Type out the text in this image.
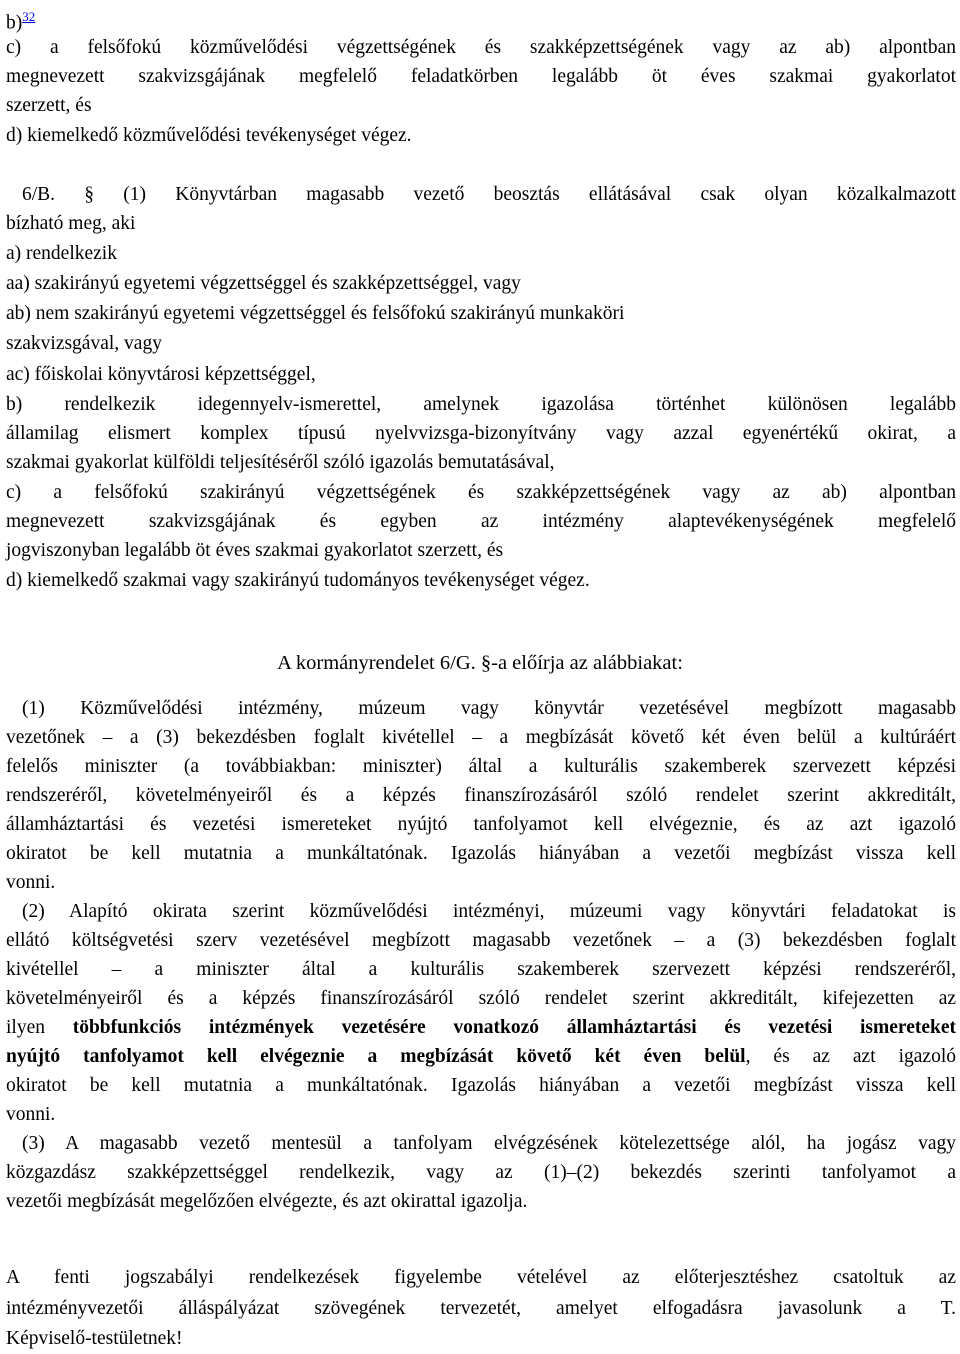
b)$^{32}$
c) a felsőfokú közművelődési végzettségének és szakképzettségének vagy az ab) alpontban
megnevezett szakvizsgájának megfelelő feladatkörben legalább öt éves szakmai gyakorlatot
szerzett, és
d) kiemelkedő közművelődési tevékenységet végez.
6/B. § (1) Könyvtárban magasabb vezető beosztás ellátásával csak olyan közalkalmazott
bízható meg, aki
a) rendelkezik
aa) szakirányú egyetemi végzettséggel és szakképzettséggel, vagy
ab) nem szakirányú egyetemi végzettséggel és felsőfokú szakirányú munkaköri
szakvizsgával, vagy
ac) főiskolai könyvtárosi képzettséggel,
b) rendelkezik idegennyelv-ismerettel, amelynek igazolása történhet különösen legalább
államilag elismert komplex típusú nyelvvizsga-bizonyítvány vagy azzal egyenértékű okirat, a
szakmai gyakorlat külföldi teljesítéséről szóló igazolás bemutatásával,
c) a felsőfokú szakirányú végzettségének és szakképzettségének vagy az ab) alpontban
megnevezett szakvizsgájának és egyben az intézmény alaptevékenységének megfelelő
jogviszonyban legalább öt éves szakmai gyakorlatot szerzett, és
d) kiemelkedő szakmai vagy szakirányú tudományos tevékenységet végez.
A kormányrendelet 6/G. §-a előírja az alábbiakat:
(1) Közművelődési intézmény, múzeum vagy könyvtár vezetésével megbízott magasabb
vezetőnek – a (3) bekezdésben foglalt kivétellel – a megbízását követő két éven belül a kultúráért
felelős miniszter (a továbbiakban: miniszter) által a kulturális szakemberek szervezett képzési
rendszeréről, követelményeiről és a képzés finanszírozásáról szóló rendelet szerint akkreditált,
államháztartási és vezetési ismereteket nyújtó tanfolyamot kell elvégeznie, és az azt igazoló
okiratot be kell mutatnia a munkáltatónak. Igazolás hiányában a vezetői megbízást vissza kell
vonni.
(2) Alapító okirata szerint közművelődési intézményi, múzeumi vagy könyvtári feladatokat is
ellátó költségvetési szerv vezetésével megbízott magasabb vezetőnek – a (3) bekezdésben foglalt
kivétellel – a miniszter által a kulturális szakemberek szervezett képzési rendszeréről,
követelményeiről és a képzés finanszírozásáról szóló rendelet szerint akkreditált, kifejezetten az
ilyen többfunkciós intézmények vezetésére vonatkozó államháztartási és vezetési ismereteket
nyújtó tanfolyamot kell elvégeznie a megbízását követő két éven belül, és az azt igazoló
okiratot be kell mutatnia a munkáltatónak. Igazolás hiányában a vezetői megbízást vissza kell
vonni.
(3) A magasabb vezető mentesül a tanfolyam elvégzésének kötelezettsége alól, ha jogász vagy
közgazdász szakképzettséggel rendelkezik, vagy az (1)–(2) bekezdés szerinti tanfolyamot a
vezetői megbízását megelőzően elvégezte, és azt okirattal igazolja.
A fenti jogszabályi rendelkezések figyelembe vételével az előterjesztéshez csatoltuk az
intézményvezetői álláspályázat szövegének tervezetét, amelyet elfogadásra javasolunk a T.
Képviselő-testületnek!
